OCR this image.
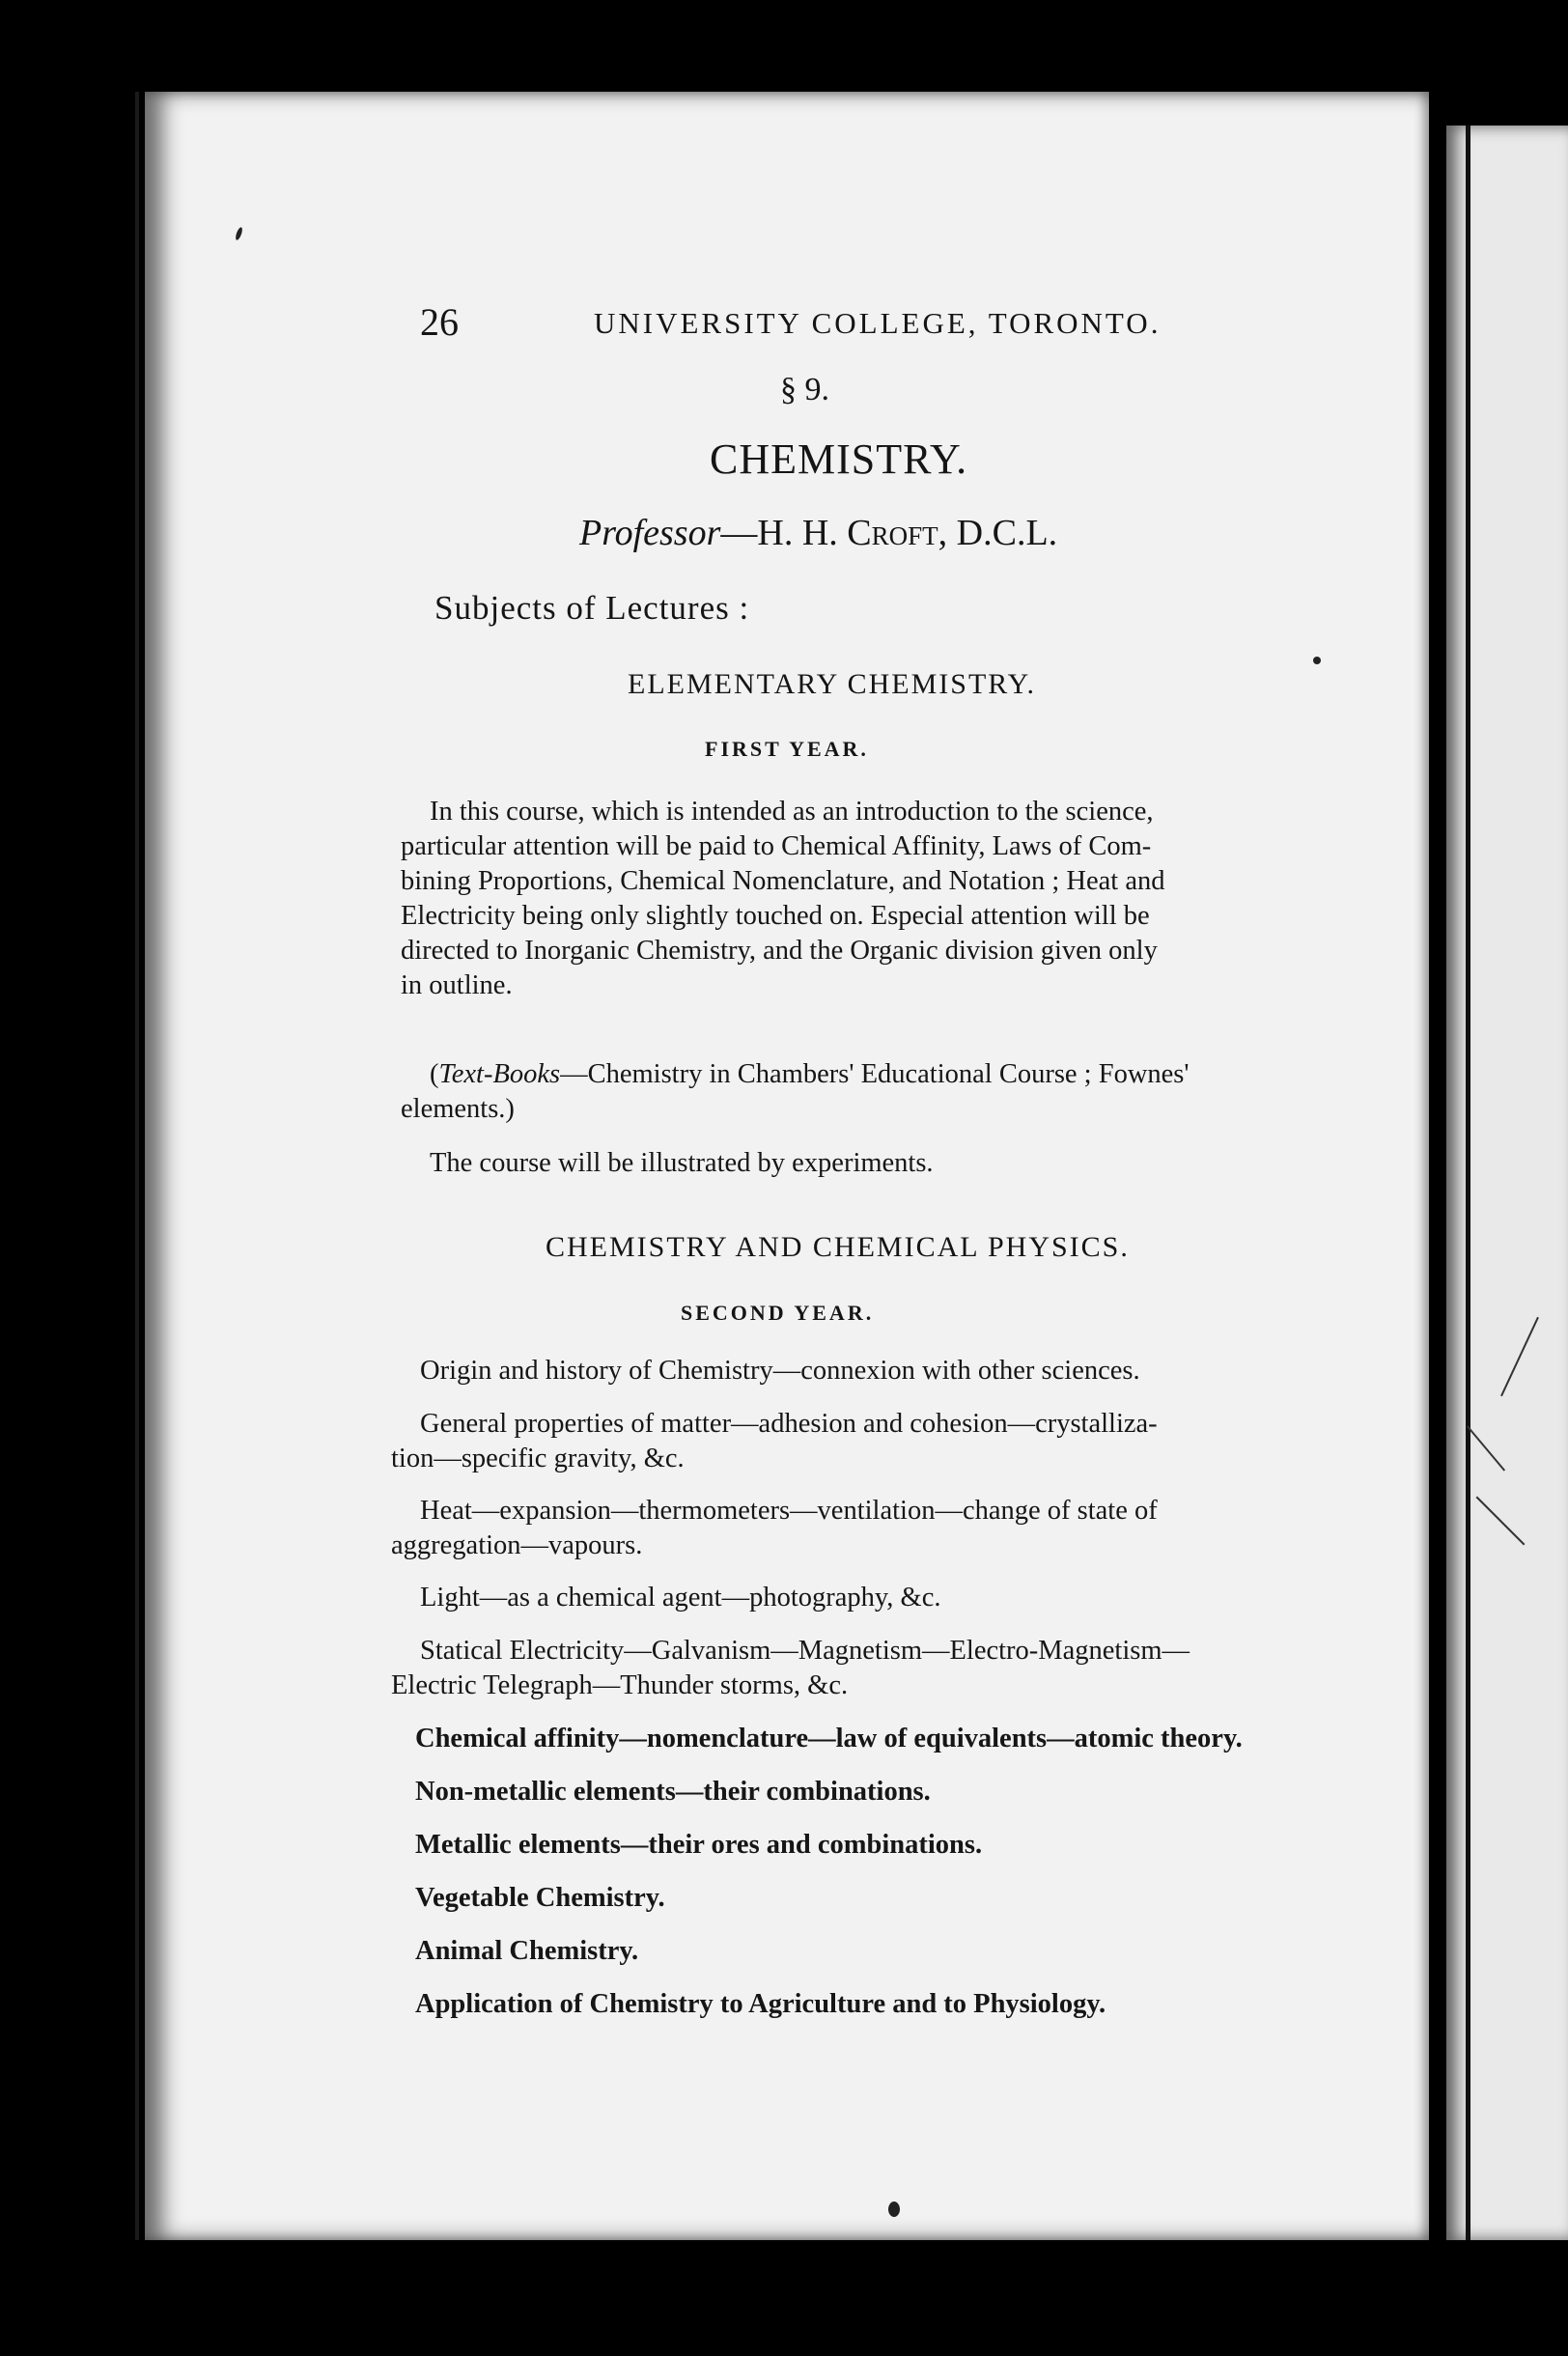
26	UNIVERSITY COLLEGE, TORONTO.
§ 9.
CHEMISTRY.
Professor—H. H. Croft, D.C.L.
Subjects of Lectures :
ELEMENTARY CHEMISTRY.
FIRST YEAR.
In this course, which is intended as an introduction to the science,
particular attention will be paid to Chemical Affinity, Laws of Com-
bining Proportions, Chemical Nomenclature, and Notation ; Heat and
Electricity being only slightly touched on. Especial attention will be
directed to Inorganic Chemistry, and the Organic division given only
in outline.
(Text-Books—Chemistry in Chambers' Educational Course ; Fownes'
elements.)
The course will be illustrated by experiments.
CHEMISTRY AND CHEMICAL PHYSICS.
SECOND YEAR.
Origin and history of Chemistry—connexion with other sciences.
General properties of matter—adhesion and cohesion—crystalliza-
tion—specific gravity, &c.
Heat—expansion—thermometers—ventilation—change of state of
aggregation—vapours.
Light—as a chemical agent—photography, &c.
Statical Electricity—Galvanism—Magnetism—Electro-Magnetism—
Electric Telegraph—Thunder storms, &c.
Chemical affinity—nomenclature—law of equivalents—atomic theory.
Non-metallic elements—their combinations.
Metallic elements—their ores and combinations.
Vegetable Chemistry.
Animal Chemistry.
Application of Chemistry to Agriculture and to Physiology.
